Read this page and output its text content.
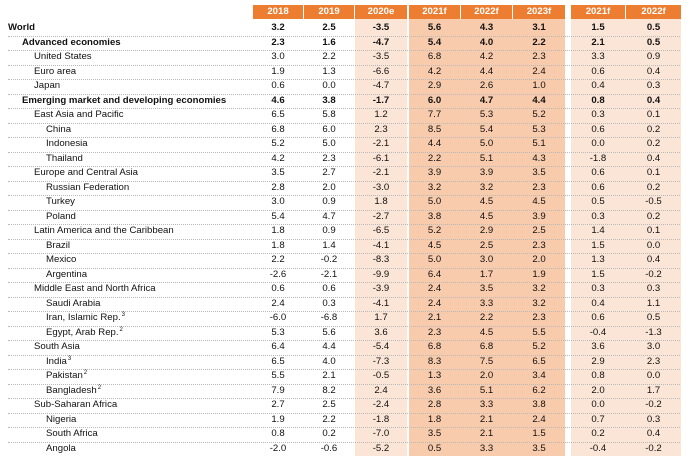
2018	2019	2020e	2021f	2022f	2023f	2021f	2022f
World	3.2	2.5	-3.5	5.6	4.3	3.1	1.5	0.5
Advanced economies	2.3	1.6	-4.7	5.4	4.0	2.2	2.1	0.5
United States	3.0	2.2	-3.5	6.8	4.2	2.3	3.3	0.9
Euro area	1.9	1.3	-6.6	4.2	4.4	2.4	0.6	0.4
Japan	0.6	0.0	-4.7	2.9	2.6	1.0	0.4	0.3
Emerging market and developing economies	4.6	3.8	-1.7	6.0	4.7	4.4	0.8	0.4
East Asia and Pacific	6.5	5.8	1.2	7.7	5.3	5.2	0.3	0.1
China	6.8	6.0	2.3	8.5	5.4	5.3	0.6	0.2
Indonesia	5.2	5.0	-2.1	4.4	5.0	5.1	0.0	0.2
Thailand	4.2	2.3	-6.1	2.2	5.1	4.3	-1.8	0.4
Europe and Central Asia	3.5	2.7	-2.1	3.9	3.9	3.5	0.6	0.1
Russian Federation	2.8	2.0	-3.0	3.2	3.2	2.3	0.6	0.2
Turkey	3.0	0.9	1.8	5.0	4.5	4.5	0.5	-0.5
Poland	5.4	4.7	-2.7	3.8	4.5	3.9	0.3	0.2
Latin America and the Caribbean	1.8	0.9	-6.5	5.2	2.9	2.5	1.4	0.1
Brazil	1.8	1.4	-4.1	4.5	2.5	2.3	1.5	0.0
Mexico	2.2	-0.2	-8.3	5.0	3.0	2.0	1.3	0.4
Argentina	-2.6	-2.1	-9.9	6.4	1.7	1.9	1.5	-0.2
Middle East and North Africa	0.6	0.6	-3.9	2.4	3.5	3.2	0.3	0.3
Saudi Arabia	2.4	0.3	-4.1	2.4	3.3	3.2	0.4	1.1
Iran, Islamic Rep.$^3$	-6.0	-6.8	1.7	2.1	2.2	2.3	0.6	0.5
Egypt, Arab Rep.$^2$	5.3	5.6	3.6	2.3	4.5	5.5	-0.4	-1.3
South Asia	6.4	4.4	-5.4	6.8	6.8	5.2	3.6	3.0
India$^3$	6.5	4.0	-7.3	8.3	7.5	6.5	2.9	2.3
Pakistan$^2$	5.5	2.1	-0.5	1.3	2.0	3.4	0.8	0.0
Bangladesh$^2$	7.9	8.2	2.4	3.6	5.1	6.2	2.0	1.7
Sub-Saharan Africa	2.7	2.5	-2.4	2.8	3.3	3.8	0.0	-0.2
Nigeria	1.9	2.2	-1.8	1.8	2.1	2.4	0.7	0.3
South Africa	0.8	0.2	-7.0	3.5	2.1	1.5	0.2	0.4
Angola	-2.0	-0.6	-5.2	0.5	3.3	3.5	-0.4	-0.2
